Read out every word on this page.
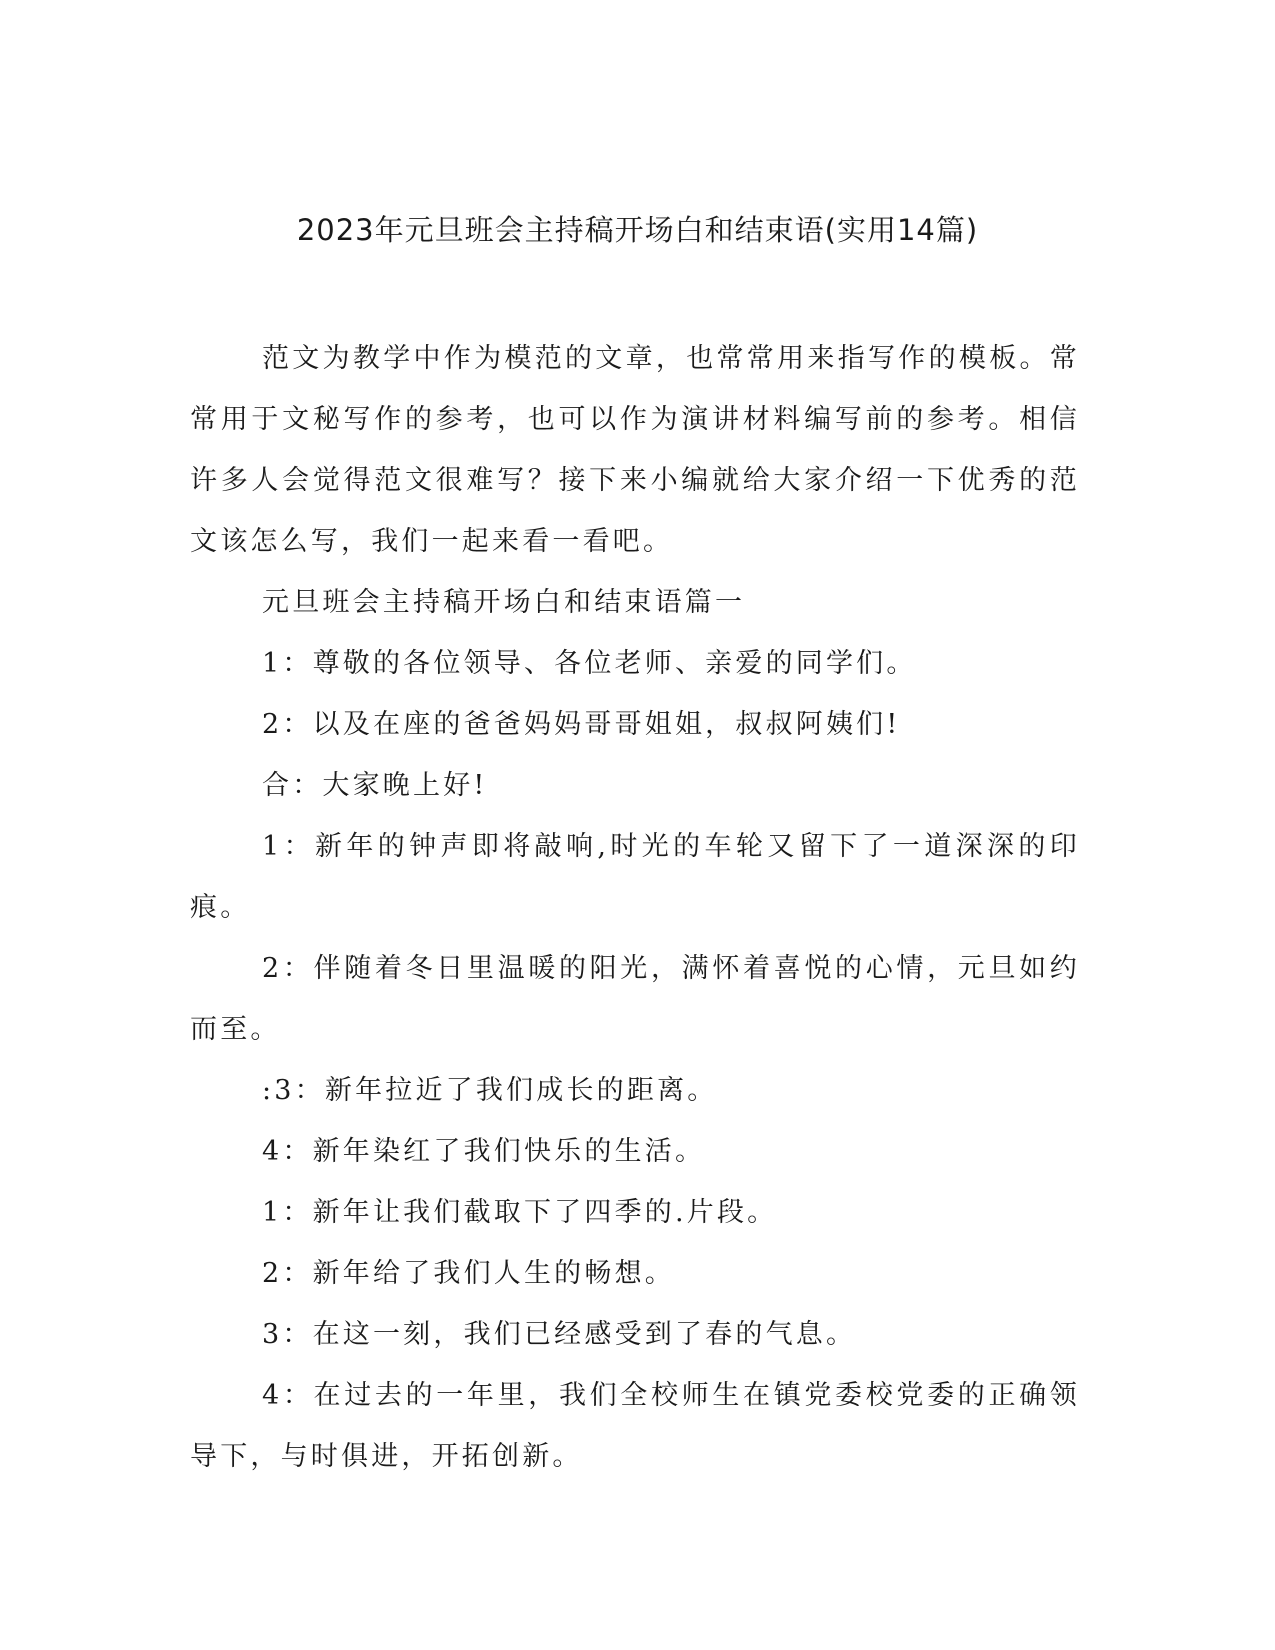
2023年元旦班会主持稿开场白和结束语(实用14篇)

范文为教学中作为模范的文章，也常常用来指写作的模板。常常用于文秘写作的参考，也可以作为演讲材料编写前的参考。相信许多人会觉得范文很难写？接下来小编就给大家介绍一下优秀的范文该怎么写，我们一起来看一看吧。

元旦班会主持稿开场白和结束语篇一

1：尊敬的各位领导、各位老师、亲爱的同学们。

2：以及在座的爸爸妈妈哥哥姐姐，叔叔阿姨们!

合：大家晚上好!

1：新年的钟声即将敲响,时光的车轮又留下了一道深深的印痕。

2：伴随着冬日里温暖的阳光，满怀着喜悦的心情，元旦如约而至。

:3：新年拉近了我们成长的距离。

4：新年染红了我们快乐的生活。

1：新年让我们截取下了四季的.片段。

2：新年给了我们人生的畅想。

3：在这一刻，我们已经感受到了春的气息。

4：在过去的一年里，我们全校师生在镇党委校党委的正确领导下，与时俱进，开拓创新。
